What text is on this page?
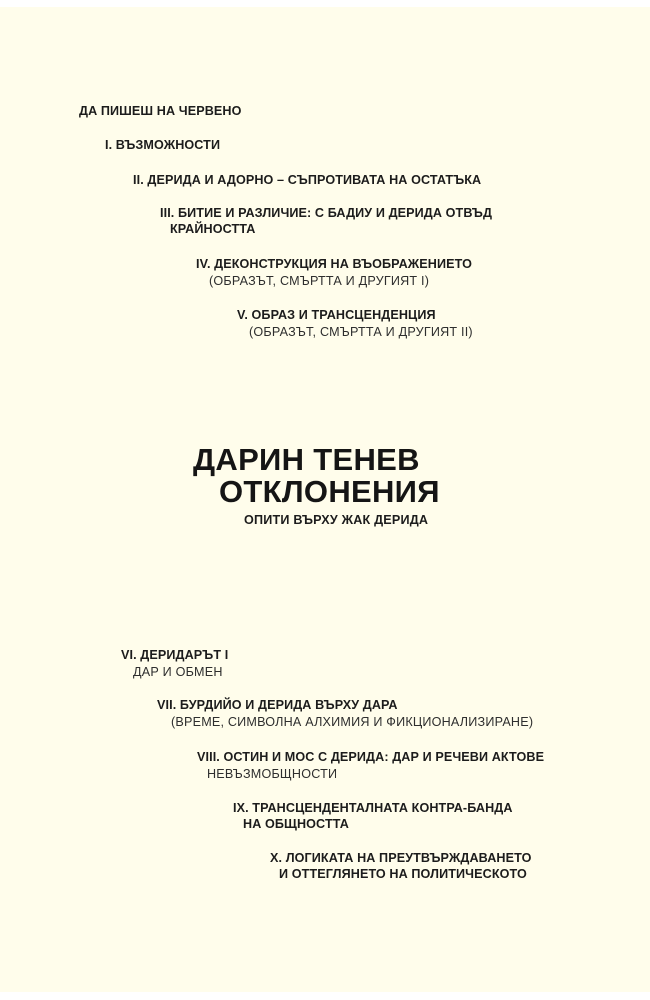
ДА ПИШЕШ НА ЧЕРВЕНО
I. ВЪЗМОЖНОСТИ
II. ДЕРИДА И АДОРНО – СЪПРОТИВАТА НА ОСТАТЪКА
III. БИТИЕ И РАЗЛИЧИЕ: С БАДИУ И ДЕРИДА ОТВЪД
КРАЙНОСТТА
IV. ДЕКОНСТРУКЦИЯ НА ВЪОБРАЖЕНИЕТО
(ОБРАЗЪТ, СМЪРТТА И ДРУГИЯТ I)
V. ОБРАЗ И ТРАНСЦЕНДЕНЦИЯ
(ОБРАЗЪТ, СМЪРТТА И ДРУГИЯТ II)
ДАРИН ТЕНЕВ
ОТКЛОНЕНИЯ
ОПИТИ ВЪРХУ ЖАК ДЕРИДА
VI. ДЕРИДАРЪТ I
ДАР И ОБМЕН
VII. БУРДИЙО И ДЕРИДА ВЪРХУ ДАРА
(ВРЕМЕ, СИМВОЛНА АЛХИМИЯ И ФИКЦИОНАЛИЗИРАНЕ)
VIII. ОСТИН И МОС С ДЕРИДА: ДАР И РЕЧЕВИ АКТОВЕ
НЕВЪЗМОБЩНОСТИ
IX. ТРАНСЦЕНДЕНТАЛНАТА КОНТРА-БАНДА
НА ОБЩНОСТТА
X. ЛОГИКАТА НА ПРЕУТВЪРЖДАВАНЕТО
И ОТТЕГЛЯНЕТО НА ПОЛИТИЧЕСКОТО
